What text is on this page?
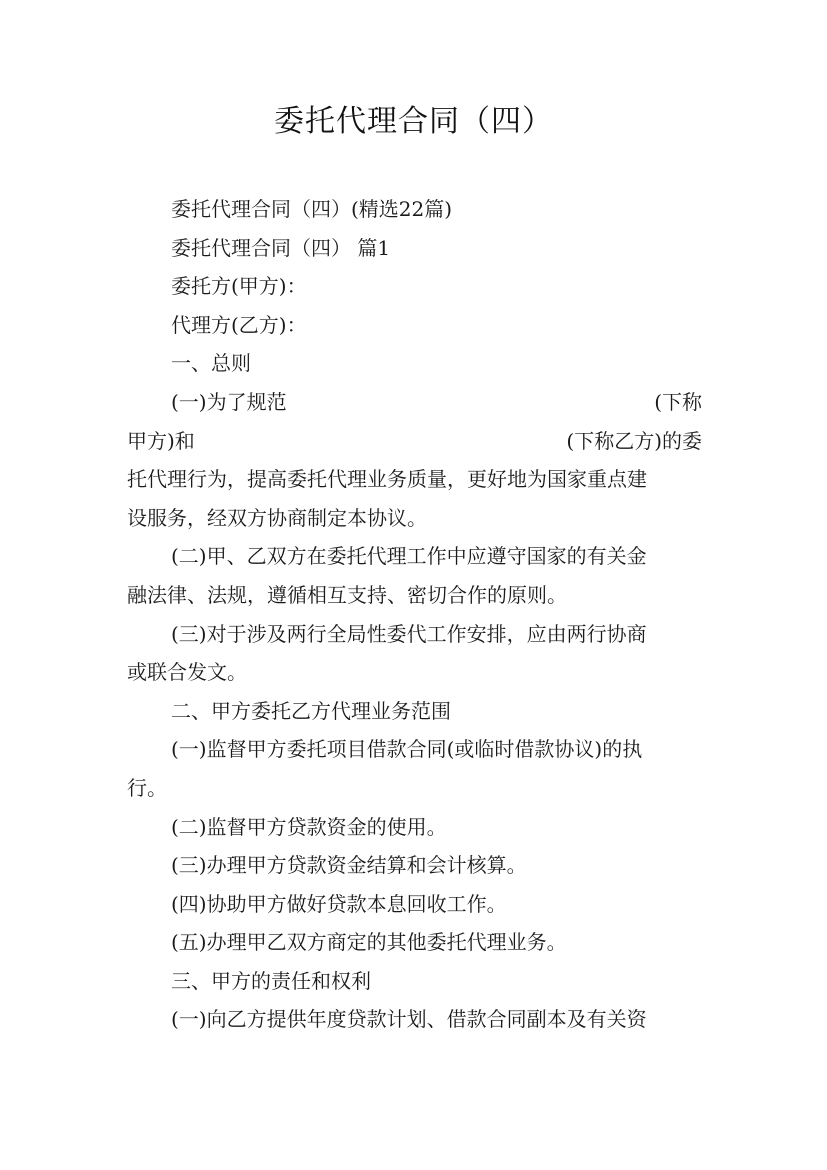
委托代理合同（四）
委托代理合同（四）(精选22篇)
委托代理合同（四） 篇1
委托方(甲方)：
代理方(乙方)：
一、总则
(一)为了规范	(下称
甲方)和	(下称乙方)的委
托代理行为，提高委托代理业务质量，更好地为国家重点建
设服务，经双方协商制定本协议。
(二)甲、乙双方在委托代理工作中应遵守国家的有关金
融法律、法规，遵循相互支持、密切合作的原则。
(三)对于涉及两行全局性委代工作安排，应由两行协商
或联合发文。
二、甲方委托乙方代理业务范围
(一)监督甲方委托项目借款合同(或临时借款协议)的执
行。
(二)监督甲方贷款资金的使用。
(三)办理甲方贷款资金结算和会计核算。
(四)协助甲方做好贷款本息回收工作。
(五)办理甲乙双方商定的其他委托代理业务。
三、甲方的责任和权利
(一)向乙方提供年度贷款计划、借款合同副本及有关资
